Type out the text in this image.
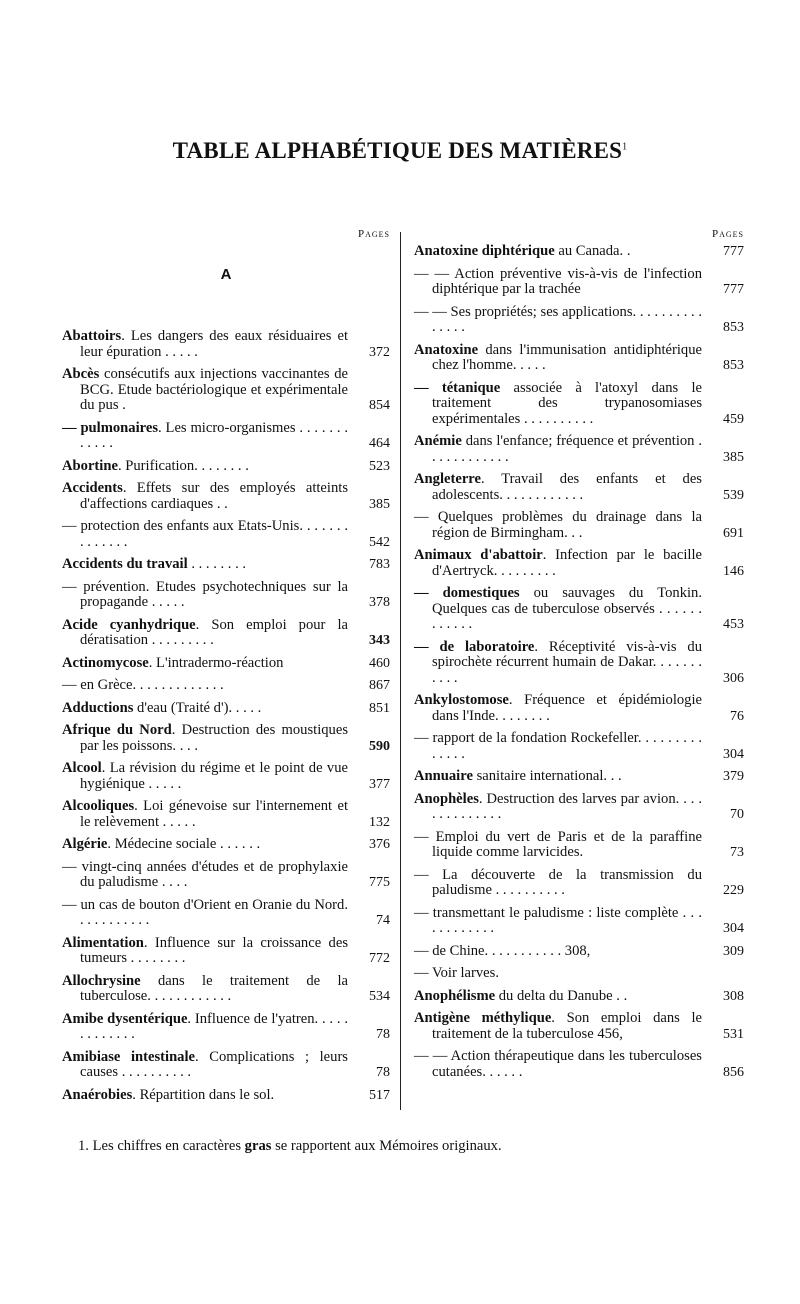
TABLE ALPHABÉTIQUE DES MATIÈRES$^1$
Pages
A
Abattoirs. Les dangers des eaux résiduaires et leur épuration . . . . .	372
Abcès consécutifs aux injections vaccinantes de BCG. Etude bactériologique et expérimentale du pus .	854
— pulmonaires. Les micro-organismes . . . . . . . . . . . .	464
Abortine. Purification. . . . . . . .	523
Accidents. Effets sur des employés atteints d'affections cardiaques . .	385
— protection des enfants aux Etats-Unis. . . . . . . . . . . . . .	542
Accidents du travail . . . . . . . .	783
— prévention. Etudes psychotechniques sur la propagande . . . . .	378
Acide cyanhydrique. Son emploi pour la dératisation . . . . . . . . .	343
Actinomycose. L'intradermo-réaction	460
— en Grèce. . . . . . . . . . . . .	867
Adductions d'eau (Traité d'). . . . .	851
Afrique du Nord. Destruction des moustiques par les poissons. . . .	590
Alcool. La révision du régime et le point de vue hygiénique . . . . .	377
Alcooliques. Loi génevoise sur l'internement et le relèvement . . . . .	132
Algérie. Médecine sociale . . . . . .	376
— vingt-cinq années d'études et de prophylaxie du paludisme . . . .	775
— un cas de bouton d'Orient en Oranie du Nord. . . . . . . . . . .	74
Alimentation. Influence sur la croissance des tumeurs . . . . . . . .	772
Allochrysine dans le traitement de la tuberculose. . . . . . . . . . . .	534
Amibe dysentérique. Influence de l'yatren. . . . . . . . . . . . .	78
Amibiase intestinale. Complications ; leurs causes . . . . . . . . . .	78
Anaérobies. Répartition dans le sol.	517
Pages
Anatoxine diphtérique au Canada. .	777
— — Action préventive vis-à-vis de l'infection diphtérique par la trachée	777
— — Ses propriétés; ses applications. . . . . . . . . . . . . . .	853
Anatoxine dans l'immunisation antidiphtérique chez l'homme. . . . .	853
— tétanique associée à l'atoxyl dans le traitement des trypanosomiases expérimentales . . . . . . . . . .	459
Anémie dans l'enfance; fréquence et prévention . . . . . . . . . . . .	385
Angleterre. Travail des enfants et des adolescents. . . . . . . . . . . .	539
— Quelques problèmes du drainage dans la région de Birmingham. . .	691
Animaux d'abattoir. Infection par le bacille d'Aertryck. . . . . . . . .	146
— domestiques ou sauvages du Tonkin. Quelques cas de tuberculose observés . . . . . . . . . . . .	453
— de laboratoire. Réceptivité vis-à-vis du spirochète récurrent humain de Dakar. . . . . . . . . . .	306
Ankylostomose. Fréquence et épidémiologie dans l'Inde. . . . . . . .	76
— rapport de la fondation Rockefeller. . . . . . . . . . . . . .	304
Annuaire sanitaire international. . .	379
Anophèles. Destruction des larves par avion. . . . . . . . . . . . . .	70
— Emploi du vert de Paris et de la paraffine liquide comme larvicides.	73
— La découverte de la transmission du paludisme . . . . . . . . . .	229
— transmettant le paludisme : liste complète . . . . . . . . . . . .	304
— de Chine. . . . . . . . . . . 308,	309
— Voir larves.
Anophélisme du delta du Danube . .	308
Antigène méthylique. Son emploi dans le traitement de la tuberculose 456,	531
— — Action thérapeutique dans les tuberculoses cutanées. . . . . .	856
1. Les chiffres en caractères gras se rapportent aux Mémoires originaux.
